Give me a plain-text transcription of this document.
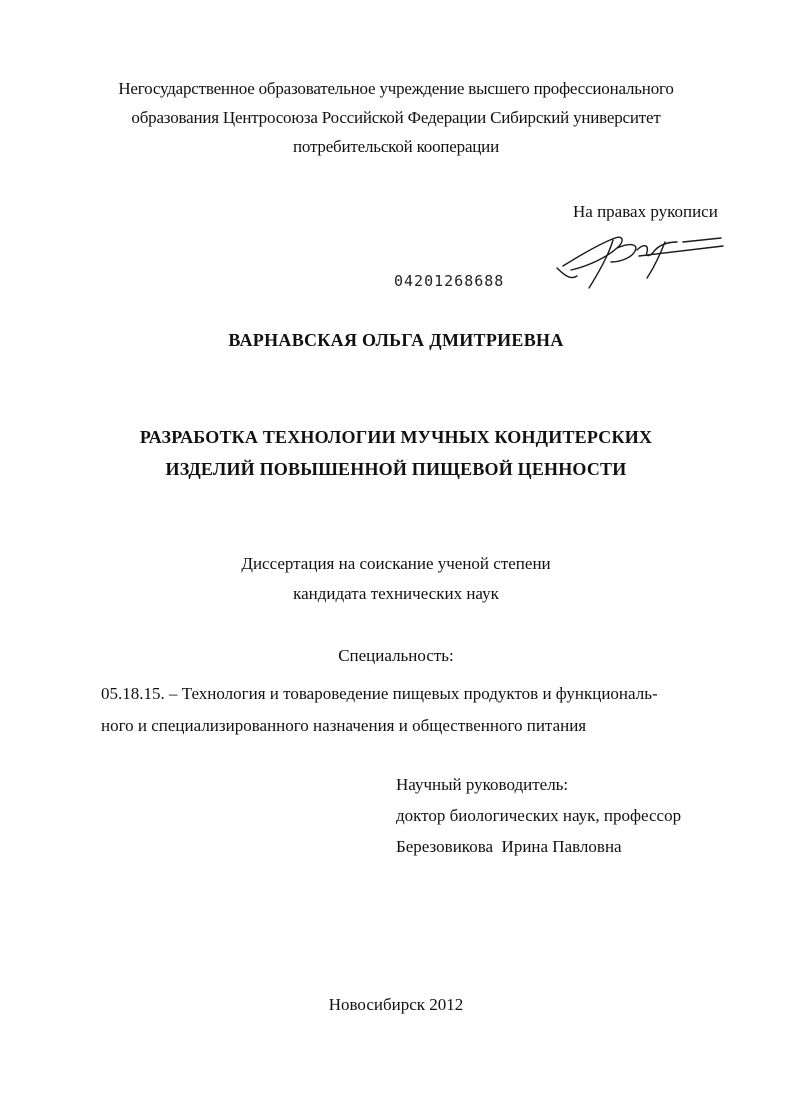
Негосударственное образовательное учреждение высшего профессионального
образования Центросоюза Российской Федерации Сибирский университет
потребительской кооперации
На правах рукописи
04201268688
ВАРНАВСКАЯ ОЛЬГА ДМИТРИЕВНА
РАЗРАБОТКА ТЕХНОЛОГИИ МУЧНЫХ КОНДИТЕРСКИХ
ИЗДЕЛИЙ ПОВЫШЕННОЙ ПИЩЕВОЙ ЦЕННОСТИ
Диссертация на соискание ученой степени
кандидата технических наук
Специальность:
05.18.15. – Технология и товароведение пищевых продуктов и функциональ-
ного и специализированного назначения и общественного питания
Научный руководитель:
доктор биологических наук, профессор
Березовикова  Ирина Павловна
Новосибирск 2012
